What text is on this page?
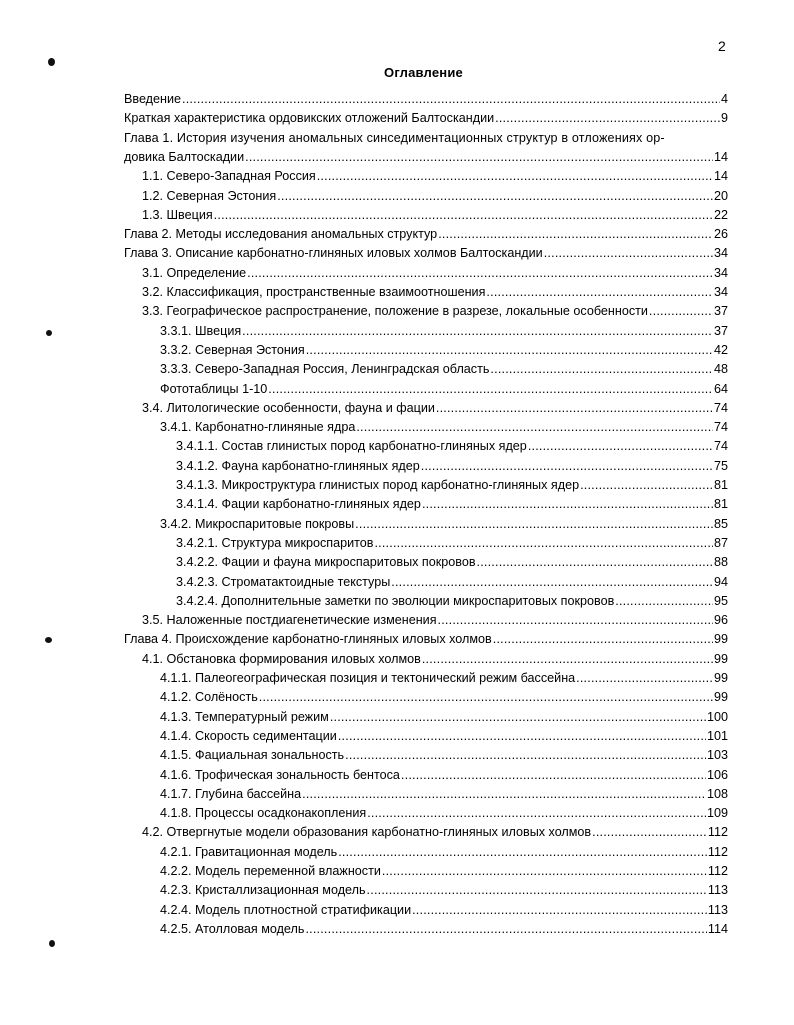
2
Оглавление
Введение .....	4
Краткая характеристика ордовикских отложений Балтоскандии .....	9
Глава 1. История изучения аномальных синседиментационных структур в отложениях ор-
довика Балтоскадии .....	14
1.1. Северо-Западная Россия .....	14
1.2. Северная Эстония .....	20
1.3. Швеция .....	22
Глава 2. Методы исследования аномальных структур .....	26
Глава 3. Описание карбонатно-глиняных иловых холмов Балтоскандии .....	34
3.1. Определение .....	34
3.2. Классификация, пространственные взаимоотношения .....	34
3.3. Географическое распространение, положение в разрезе, локальные особенности .....	37
3.3.1. Швеция .....	37
3.3.2. Северная Эстония .....	42
3.3.3. Северо-Западная Россия, Ленинградская область .....	48
Фототаблицы 1-10 .....	64
3.4. Литологические особенности, фауна и фации .....	74
3.4.1. Карбонатно-глиняные ядра .....	74
3.4.1.1. Состав глинистых пород карбонатно-глиняных ядер .....	74
3.4.1.2. Фауна карбонатно-глиняных ядер .....	75
3.4.1.3. Микроструктура глинистых пород карбонатно-глиняных ядер .....	81
3.4.1.4. Фации карбонатно-глиняных ядер .....	81
3.4.2. Микроспаритовые покровы .....	85
3.4.2.1. Структура микроспаритов .....	87
3.4.2.2. Фации и фауна микроспаритовых покровов .....	88
3.4.2.3. Строматактоидные текстуры .....	94
3.4.2.4. Дополнительные заметки по эволюции микроспаритовых покровов .....	95
3.5. Наложенные постдиагенетические изменения .....	96
Глава 4. Происхождение карбонатно-глиняных иловых холмов .....	99
4.1. Обстановка формирования иловых холмов .....	99
4.1.1. Палеогеографическая позиция и тектонический режим бассейна .....	99
4.1.2. Солёность .....	99
4.1.3. Температурный режим .....	100
4.1.4. Скорость седиментации .....	101
4.1.5. Фациальная зональность .....	103
4.1.6. Трофическая зональность бентоса .....	106
4.1.7. Глубина бассейна .....	108
4.1.8. Процессы осадконакопления .....	109
4.2. Отвергнутые модели образования карбонатно-глиняных иловых холмов .....	112
4.2.1. Гравитационная модель .....	112
4.2.2. Модель переменной влажности .....	112
4.2.3. Кристаллизационная модель .....	113
4.2.4. Модель плотностной стратификации .....	113
4.2.5. Атолловая модель .....	114
